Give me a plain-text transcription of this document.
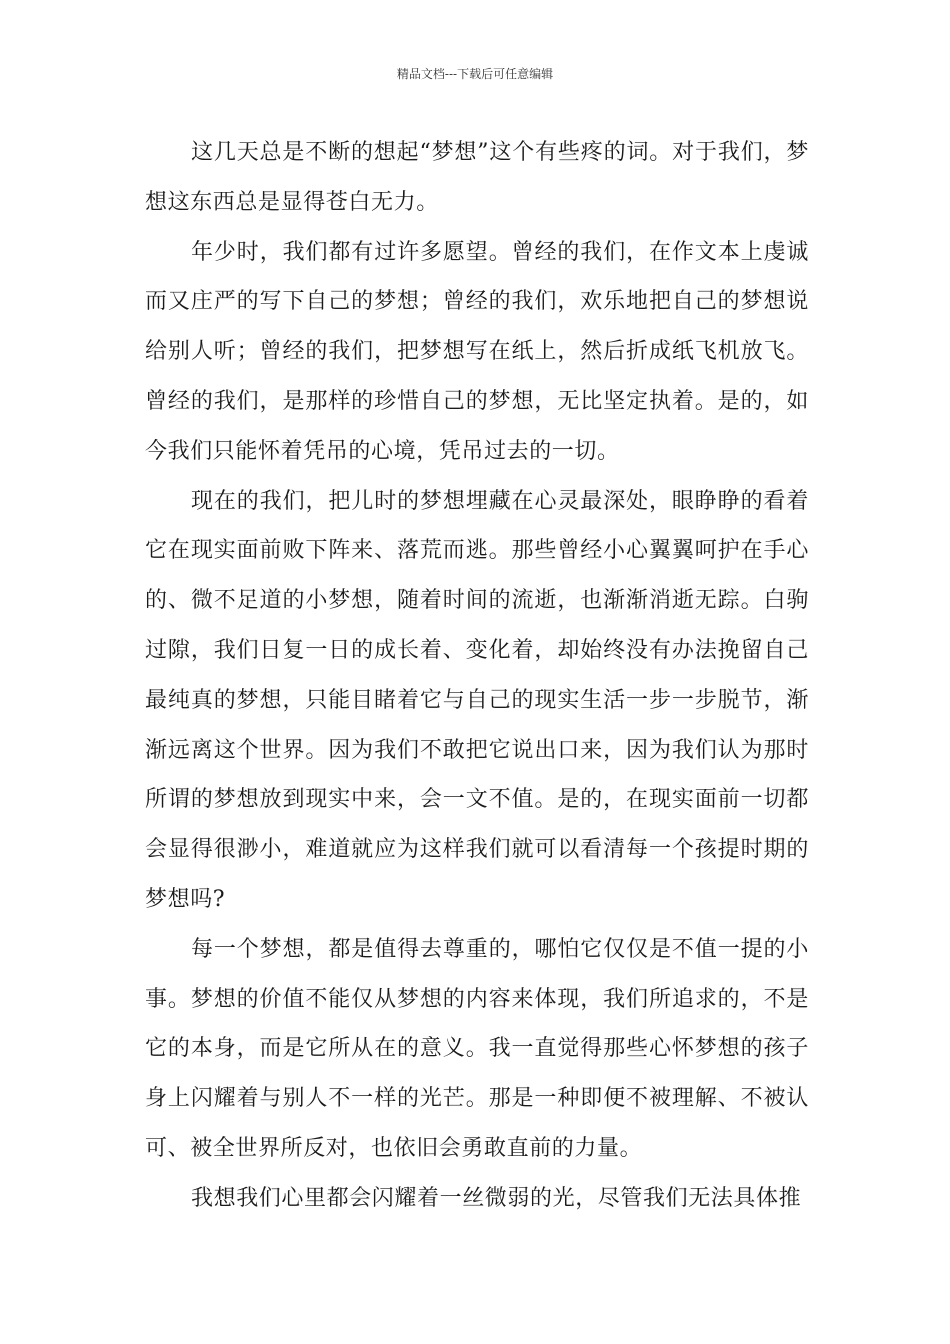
精品文档---下载后可任意编辑

这几天总是不断的想起“梦想”这个有些疼的词。对于我们，梦想这东西总是显得苍白无力。

年少时，我们都有过许多愿望。曾经的我们，在作文本上虔诚而又庄严的写下自己的梦想；曾经的我们，欢乐地把自己的梦想说给别人听；曾经的我们，把梦想写在纸上，然后折成纸飞机放飞。曾经的我们，是那样的珍惜自己的梦想，无比坚定执着。是的，如今我们只能怀着凭吊的心境，凭吊过去的一切。

现在的我们，把儿时的梦想埋藏在心灵最深处，眼睁睁的看着它在现实面前败下阵来、落荒而逃。那些曾经小心翼翼呵护在手心的、微不足道的小梦想，随着时间的流逝，也渐渐消逝无踪。白驹过隙，我们日复一日的成长着、变化着，却始终没有办法挽留自己最纯真的梦想，只能目睹着它与自己的现实生活一步一步脱节，渐渐远离这个世界。因为我们不敢把它说出口来，因为我们认为那时所谓的梦想放到现实中来，会一文不值。是的，在现实面前一切都会显得很渺小，难道就应为这样我们就可以看清每一个孩提时期的梦想吗?

每一个梦想，都是值得去尊重的，哪怕它仅仅是不值一提的小事。梦想的价值不能仅从梦想的内容来体现，我们所追求的，不是它的本身，而是它所从在的意义。我一直觉得那些心怀梦想的孩子身上闪耀着与别人不一样的光芒。那是一种即便不被理解、不被认可、被全世界所反对，也依旧会勇敢直前的力量。

我想我们心里都会闪耀着一丝微弱的光，尽管我们无法具体推
